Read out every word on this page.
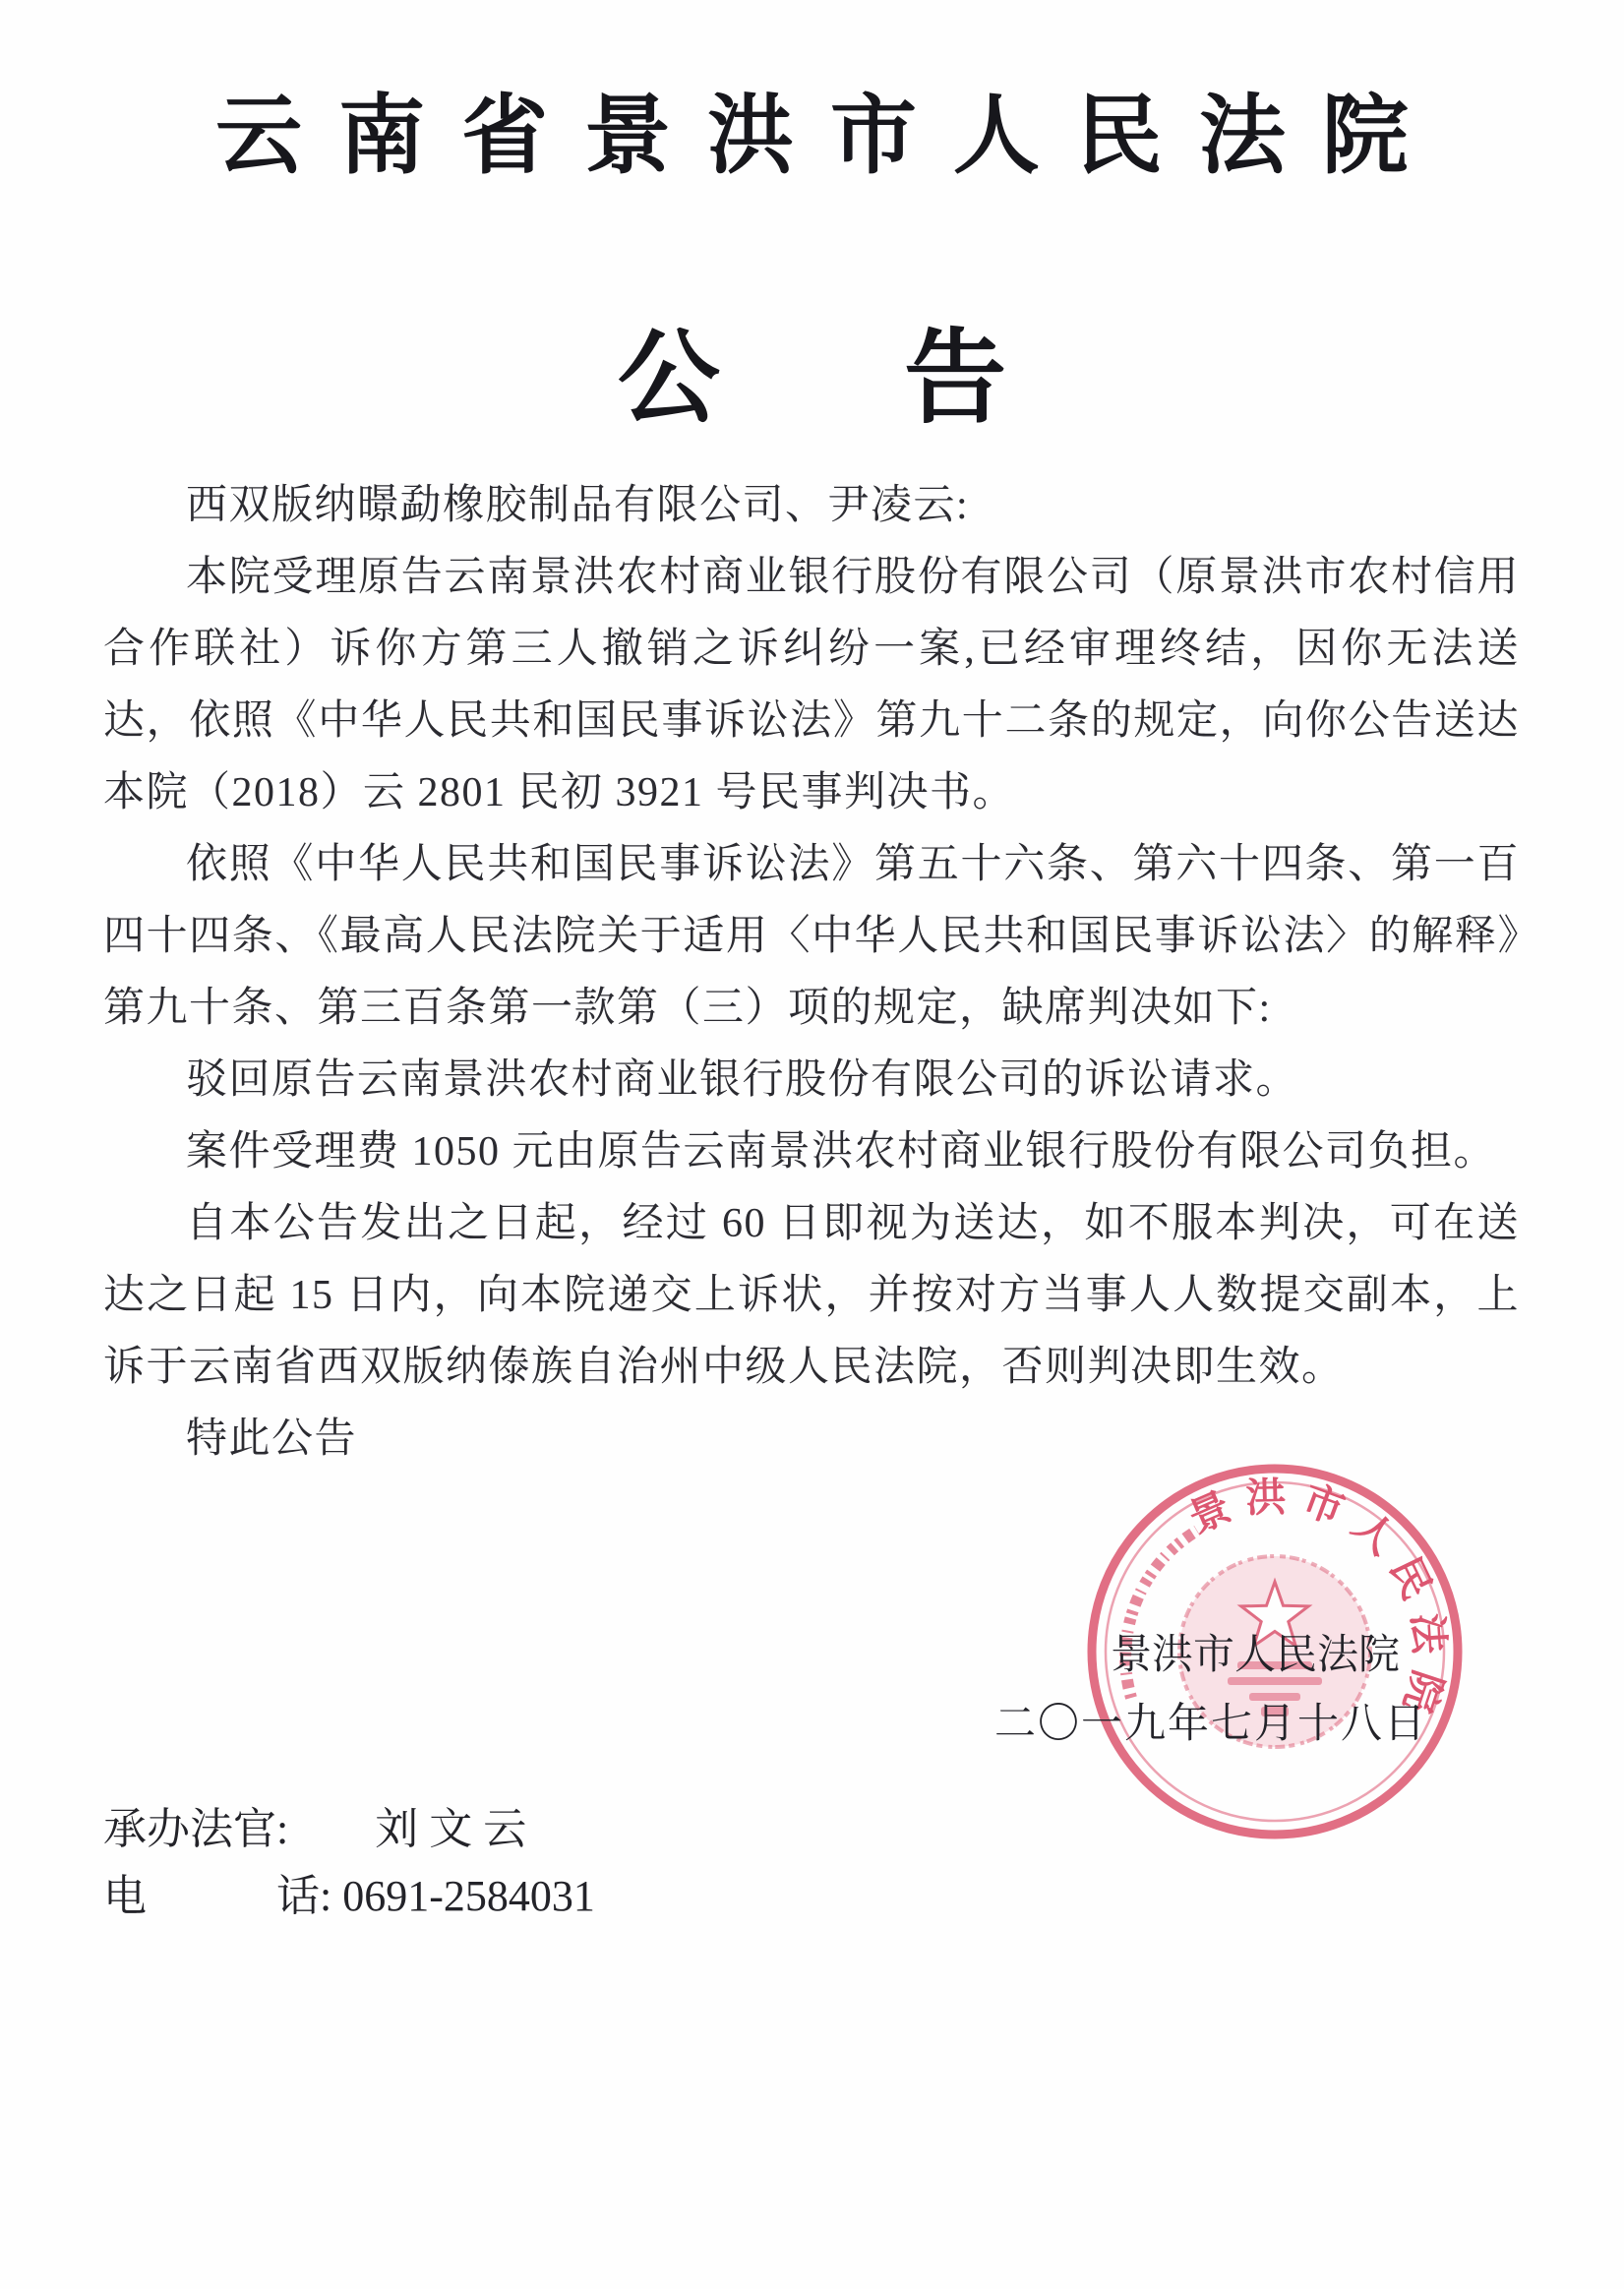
云南省景洪市人民法院
公告

西双版纳暻勐橡胶制品有限公司、尹凌云:

本院受理原告云南景洪农村商业银行股份有限公司（原景洪市农村信用合作联社）诉你方第三人撤销之诉纠纷一案,已经审理终结，因你无法送达，依照《中华人民共和国民事诉讼法》第九十二条的规定，向你公告送达本院（2018）云 2801 民初 3921 号民事判决书。

依照《中华人民共和国民事诉讼法》第五十六条、第六十四条、第一百四十四条、《最高人民法院关于适用〈中华人民共和国民事诉讼法〉的解释》第九十条、第三百条第一款第（三）项的规定，缺席判决如下:

驳回原告云南景洪农村商业银行股份有限公司的诉讼请求。

案件受理费 1050 元由原告云南景洪农村商业银行股份有限公司负担。

自本公告发出之日起，经过 60 日即视为送达，如不服本判决，可在送达之日起 15 日内，向本院递交上诉状，并按对方当事人人数提交副本，上诉于云南省西双版纳傣族自治州中级人民法院，否则判决即生效。

特此公告

景洪市人民法院
景洪市人民法院
二〇一九年七月十八日
承办法官:　　 刘 文 云
电　　　话: 0691-2584031
